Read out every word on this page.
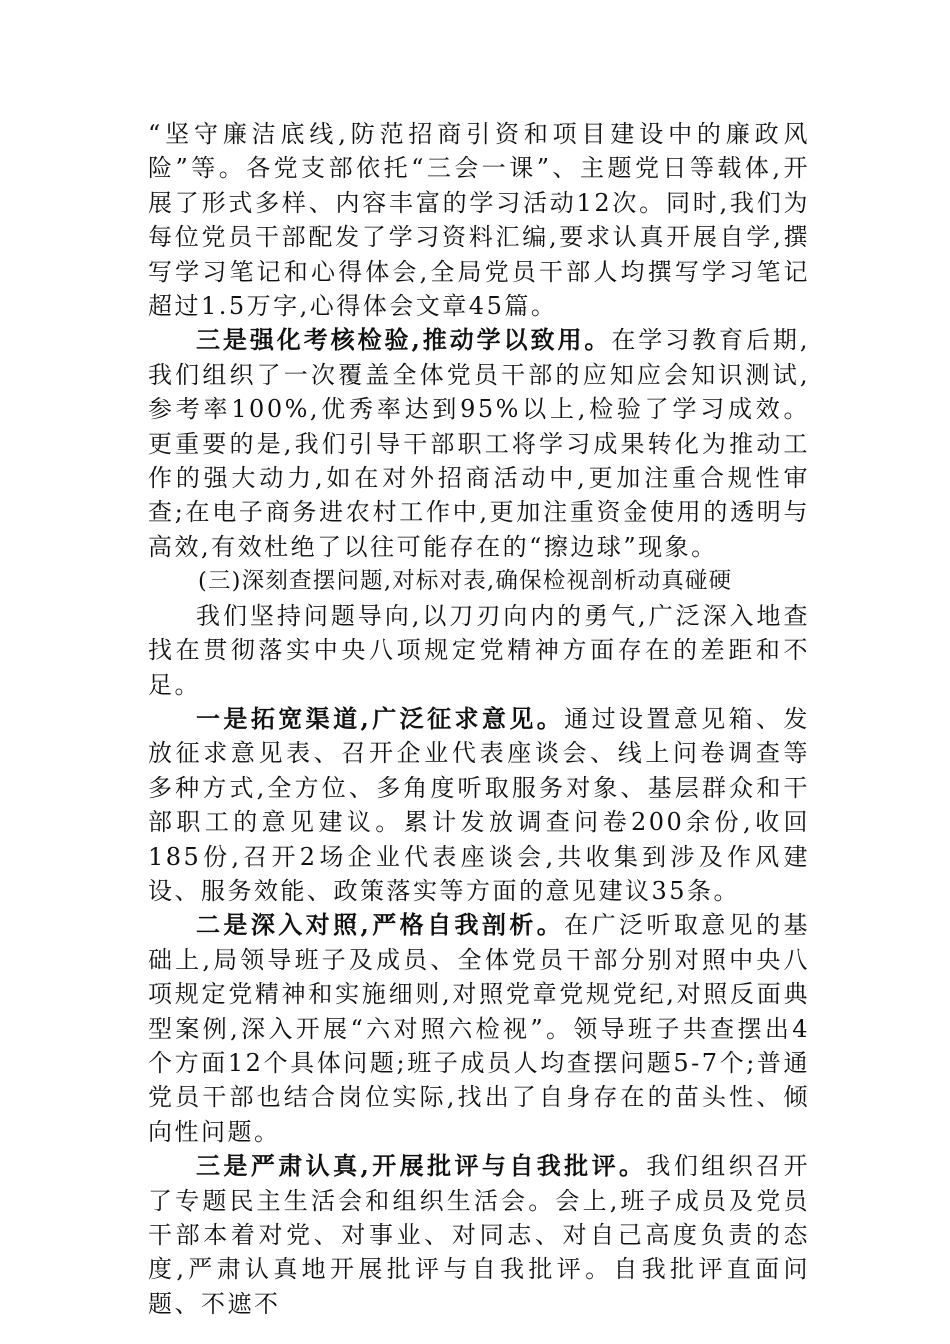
“坚守廉洁底线,防范招商引资和项目建设中的廉政风险”等。各党支部依托“三会一课”、主题党日等载体,开展了形式多样、内容丰富的学习活动12次。同时,我们为每位党员干部配发了学习资料汇编,要求认真开展自学,撰写学习笔记和心得体会,全局党员干部人均撰写学习笔记超过1.5万字,心得体会文章45篇。

三是强化考核检验,推动学以致用。在学习教育后期,我们组织了一次覆盖全体党员干部的应知应会知识测试,参考率100%,优秀率达到95%以上,检验了学习成效。更重要的是,我们引导干部职工将学习成果转化为推动工作的强大动力,如在对外招商活动中,更加注重合规性审查;在电子商务进农村工作中,更加注重资金使用的透明与高效,有效杜绝了以往可能存在的“擦边球”现象。

(三)深刻查摆问题,对标对表,确保检视剖析动真碰硬

我们坚持问题导向,以刀刃向内的勇气,广泛深入地查找在贯彻落实中央八项规定党精神方面存在的差距和不足。

一是拓宽渠道,广泛征求意见。通过设置意见箱、发放征求意见表、召开企业代表座谈会、线上问卷调查等多种方式,全方位、多角度听取服务对象、基层群众和干部职工的意见建议。累计发放调查问卷200余份,收回185份,召开2场企业代表座谈会,共收集到涉及作风建设、服务效能、政策落实等方面的意见建议35条。

二是深入对照,严格自我剖析。在广泛听取意见的基础上,局领导班子及成员、全体党员干部分别对照中央八项规定党精神和实施细则,对照党章党规党纪,对照反面典型案例,深入开展“六对照六检视”。领导班子共查摆出4个方面12个具体问题;班子成员人均查摆问题5-7个;普通党员干部也结合岗位实际,找出了自身存在的苗头性、倾向性问题。

三是严肃认真,开展批评与自我批评。我们组织召开了专题民主生活会和组织生活会。会上,班子成员及党员干部本着对党、对事业、对同志、对自己高度负责的态度,严肃认真地开展批评与自我批评。自我批评直面问题、不遮不
